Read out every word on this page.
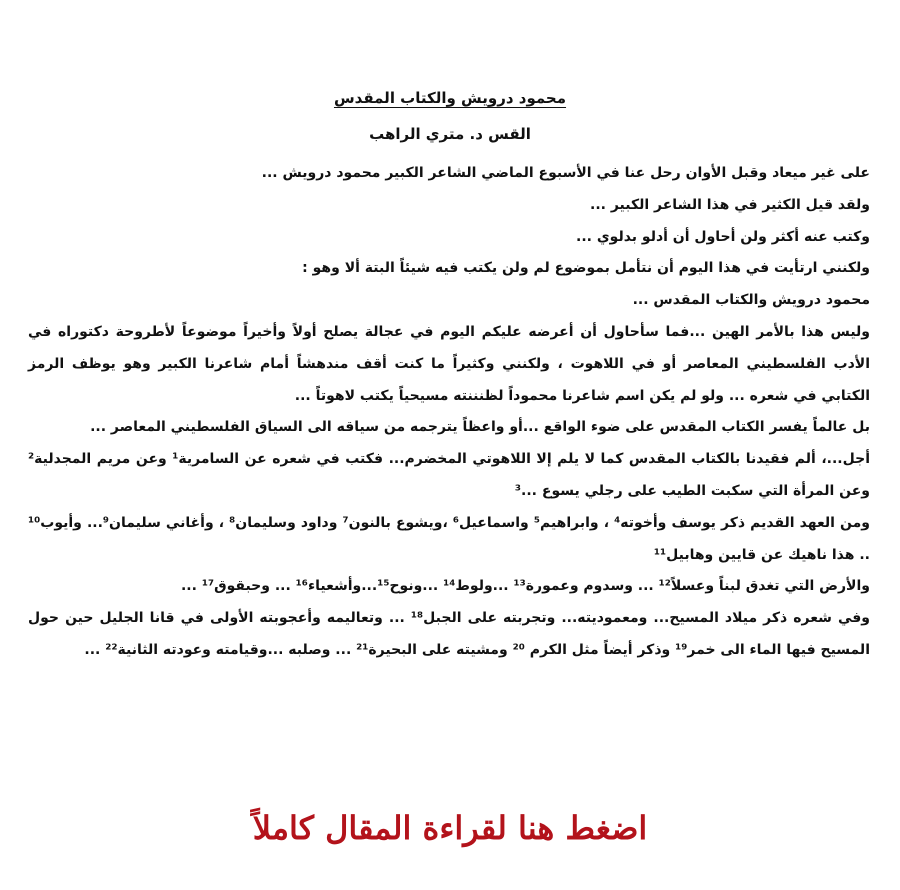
محمود درويش والكتاب المقدس
القس د. متري الراهب

على غير ميعاد وقبل الأوان رحل عنا في الأسبوع الماضي الشاعر الكبير محمود درويش ...

ولقد قيل الكثير في هذا الشاعر الكبير ...

وكتب عنه أكثر ولن أحاول أن أدلو بدلوي ...

ولكنني ارتأيت في هذا اليوم أن نتأمل بموضوع لم ولن يكتب فيه شيئاً البتة ألا وهو :

محمود درويش والكتاب المقدس ...

وليس هذا بالأمر الهين ...فما سأحاول أن أعرضه عليكم اليوم في عجالة يصلح أولاً وأخيراً موضوعاً لأطروحة دكتوراه في الأدب الفلسطيني المعاصر أو في اللاهوت ، ولكنني وكثيراً ما كنت أقف مندهشاً أمام شاعرنا الكبير وهو يوظف الرمز الكتابي في شعره ... ولو لم يكن اسم شاعرنا محموداً لظنننته مسيحياً يكتب لاهوتاً ...

بل عالماً يفسر الكتاب المقدس على ضوء الواقع ...أو واعظاً يترجمه من سياقه الى السياق الفلسطيني المعاصر ...

أجل...، ألم فقيدنا بالكتاب المقدس كما لا يلم إلا اللاهوتي المخضرم... فكتب في شعره عن السامرية¹ وعن مريم المجدلية² وعن المرأة التي سكبت الطيب على رجلي يسوع ...³

ومن العهد القديم ذكر يوسف وأخوته⁴ ، وابراهيم⁵ واسماعيل⁶ ،ويشوع بالنون⁷ وداود وسليمان⁸ ، وأغاني سليمان⁹... وأيوب¹⁰ .. هذا ناهيك عن قايين وهابيل¹¹

والأرض التي تغدق لبناً وعسلاً¹² ... وسدوم وعمورة¹³ ...ولوط¹⁴ ...ونوح¹⁵...وأشعياء¹⁶ ... وحبقوق¹⁷ ...

وفي شعره ذكر ميلاد المسيح... ومعموديته... وتجربته على الجبل¹⁸ ... وتعاليمه وأعجوبته الأولى في قانا الجليل حين حول المسيح فيها الماء الى خمر¹⁹ وذكر أيضاً مثل الكرم ²⁰ ومشيته على البحيرة²¹ ... وصلبه ...وقيامته وعودته الثانية²² ...

اضغط هنا لقراءة المقال كاملاً
